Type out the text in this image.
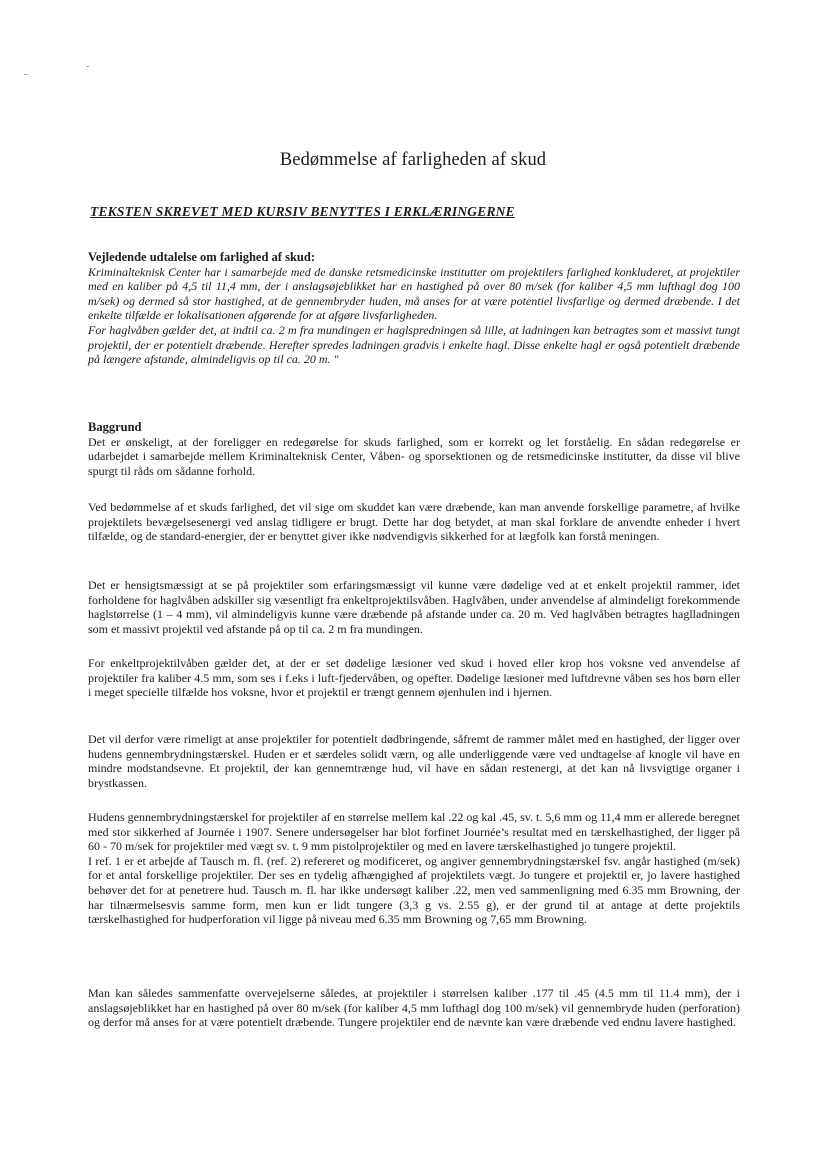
Bedømmelse af farligheden af skud
TEKSTEN SKREVET MED KURSIV BENYTTES I ERKLÆRINGERNE

Vejledende udtalelse om farlighed af skud:

Kriminalteknisk Center har i samarbejde med de danske retsmedicinske institutter om projektilers farlighed konkluderet, at projektiler med en kaliber på 4,5 til 11,4 mm, der i anslagsøjeblikket har en hastighed på over 80 m/sek (for kaliber 4,5 mm lufthagl dog 100 m/sek) og dermed så stor hastighed, at de gennembryder huden, må anses for at være potentiel livsfarlige og dermed dræbende. I det enkelte tilfælde er lokalisationen afgørende for at afgøre livsfarligheden.

For haglvåben gælder det, at indtil ca. 2 m fra mundingen er haglspredningen så lille, at ladningen kan betragtes som et massivt tungt projektil, der er potentielt dræbende. Herefter spredes ladningen gradvis i enkelte hagl. Disse enkelte hagl er også potentielt dræbende på længere afstande, almindeligvis op til ca. 20 m. "

Baggrund

Det er ønskeligt, at der foreligger en redegørelse for skuds farlighed, som er korrekt og let forståelig. En sådan redegørelse er udarbejdet i samarbejde mellem Kriminalteknisk Center, Våben- og sporsektionen og de retsmedicinske institutter, da disse vil blive spurgt til råds om sådanne forhold.

Ved bedømmelse af et skuds farlighed, det vil sige om skuddet kan være dræbende, kan man anvende forskellige parametre, af hvilke projektilets bevægelsesenergi ved anslag tidligere er brugt. Dette har dog betydet, at man skal forklare de anvendte enheder i hvert tilfælde, og de standard-energier, der er benyttet giver ikke nødvendigvis sikkerhed for at lægfolk kan forstå meningen.

Det er hensigtsmæssigt at se på projektiler som erfaringsmæssigt vil kunne være dødelige ved at et enkelt projektil rammer, idet forholdene for haglvåben adskiller sig væsentligt fra enkeltprojektilsvåben. Haglvåben, under anvendelse af almindeligt forekommende haglstørrelse (1 – 4 mm), vil almindeligvis kunne være dræbende på afstande under ca. 20 m. Ved haglvåben betragtes haglladningen som et massivt projektil ved afstande på op til ca. 2 m fra mundingen.

For enkeltprojektilvåben gælder det, at der er set dødelige læsioner ved skud i hoved eller krop hos voksne ved anvendelse af projektiler fra kaliber 4.5 mm, som ses i f.eks i luft-fjedervåben, og opefter. Dødelige læsioner med luftdrevne våben ses hos børn eller i meget specielle tilfælde hos voksne, hvor et projektil er trængt gennem øjenhulen ind i hjernen.

Det vil derfor være rimeligt at anse projektiler for potentielt dødbringende, såfremt de rammer målet med en hastighed, der ligger over hudens gennembrydningstærskel. Huden er et særdeles solidt værn, og alle underliggende være ved undtagelse af knogle vil have en mindre modstandsevne. Et projektil, der kan gennemtrænge hud, vil have en sådan restenergi, at det kan nå livsvigtige organer i brystkassen.

Hudens gennembrydningstærskel for projektiler af en størrelse mellem kal .22 og kal .45, sv. t. 5,6 mm og 11,4 mm er allerede beregnet med stor sikkerhed af Journée i 1907. Senere undersøgelser har blot forfinet Journée’s resultat med en tærskelhastighed, der ligger på 60 - 70 m/sek for projektiler med vægt sv. t. 9 mm pistolprojektiler og med en lavere tærskelhastighed jo tungere projektil.

I ref. 1 er et arbejde af Tausch m. fl. (ref. 2) refereret og modificeret, og angiver gennembrydningstærskel fsv. angår hastighed (m/sek) for et antal forskellige projektiler. Der ses en tydelig afhængighed af projektilets vægt. Jo tungere et projektil er, jo lavere hastighed behøver det for at penetrere hud. Tausch m. fl. har ikke undersøgt kaliber .22, men ved sammenligning med 6.35 mm Browning, der har tilnærmelsesvis samme form, men kun er lidt tungere (3,3 g vs. 2.55 g), er der grund til at antage at dette projektils tærskelhastighed for hudperforation vil ligge på niveau med 6.35 mm Browning og 7,65 mm Browning.

Man kan således sammenfatte overvejelserne således, at projektiler i størrelsen kaliber .177 til .45 (4.5 mm til 11.4 mm), der i anslagsøjeblikket har en hastighed på over 80 m/sek (for kaliber 4,5 mm lufthagl dog 100 m/sek) vil gennembryde huden (perforation) og derfor må anses for at være potentielt dræbende. Tungere projektiler end de nævnte kan være dræbende ved endnu lavere hastighed.
